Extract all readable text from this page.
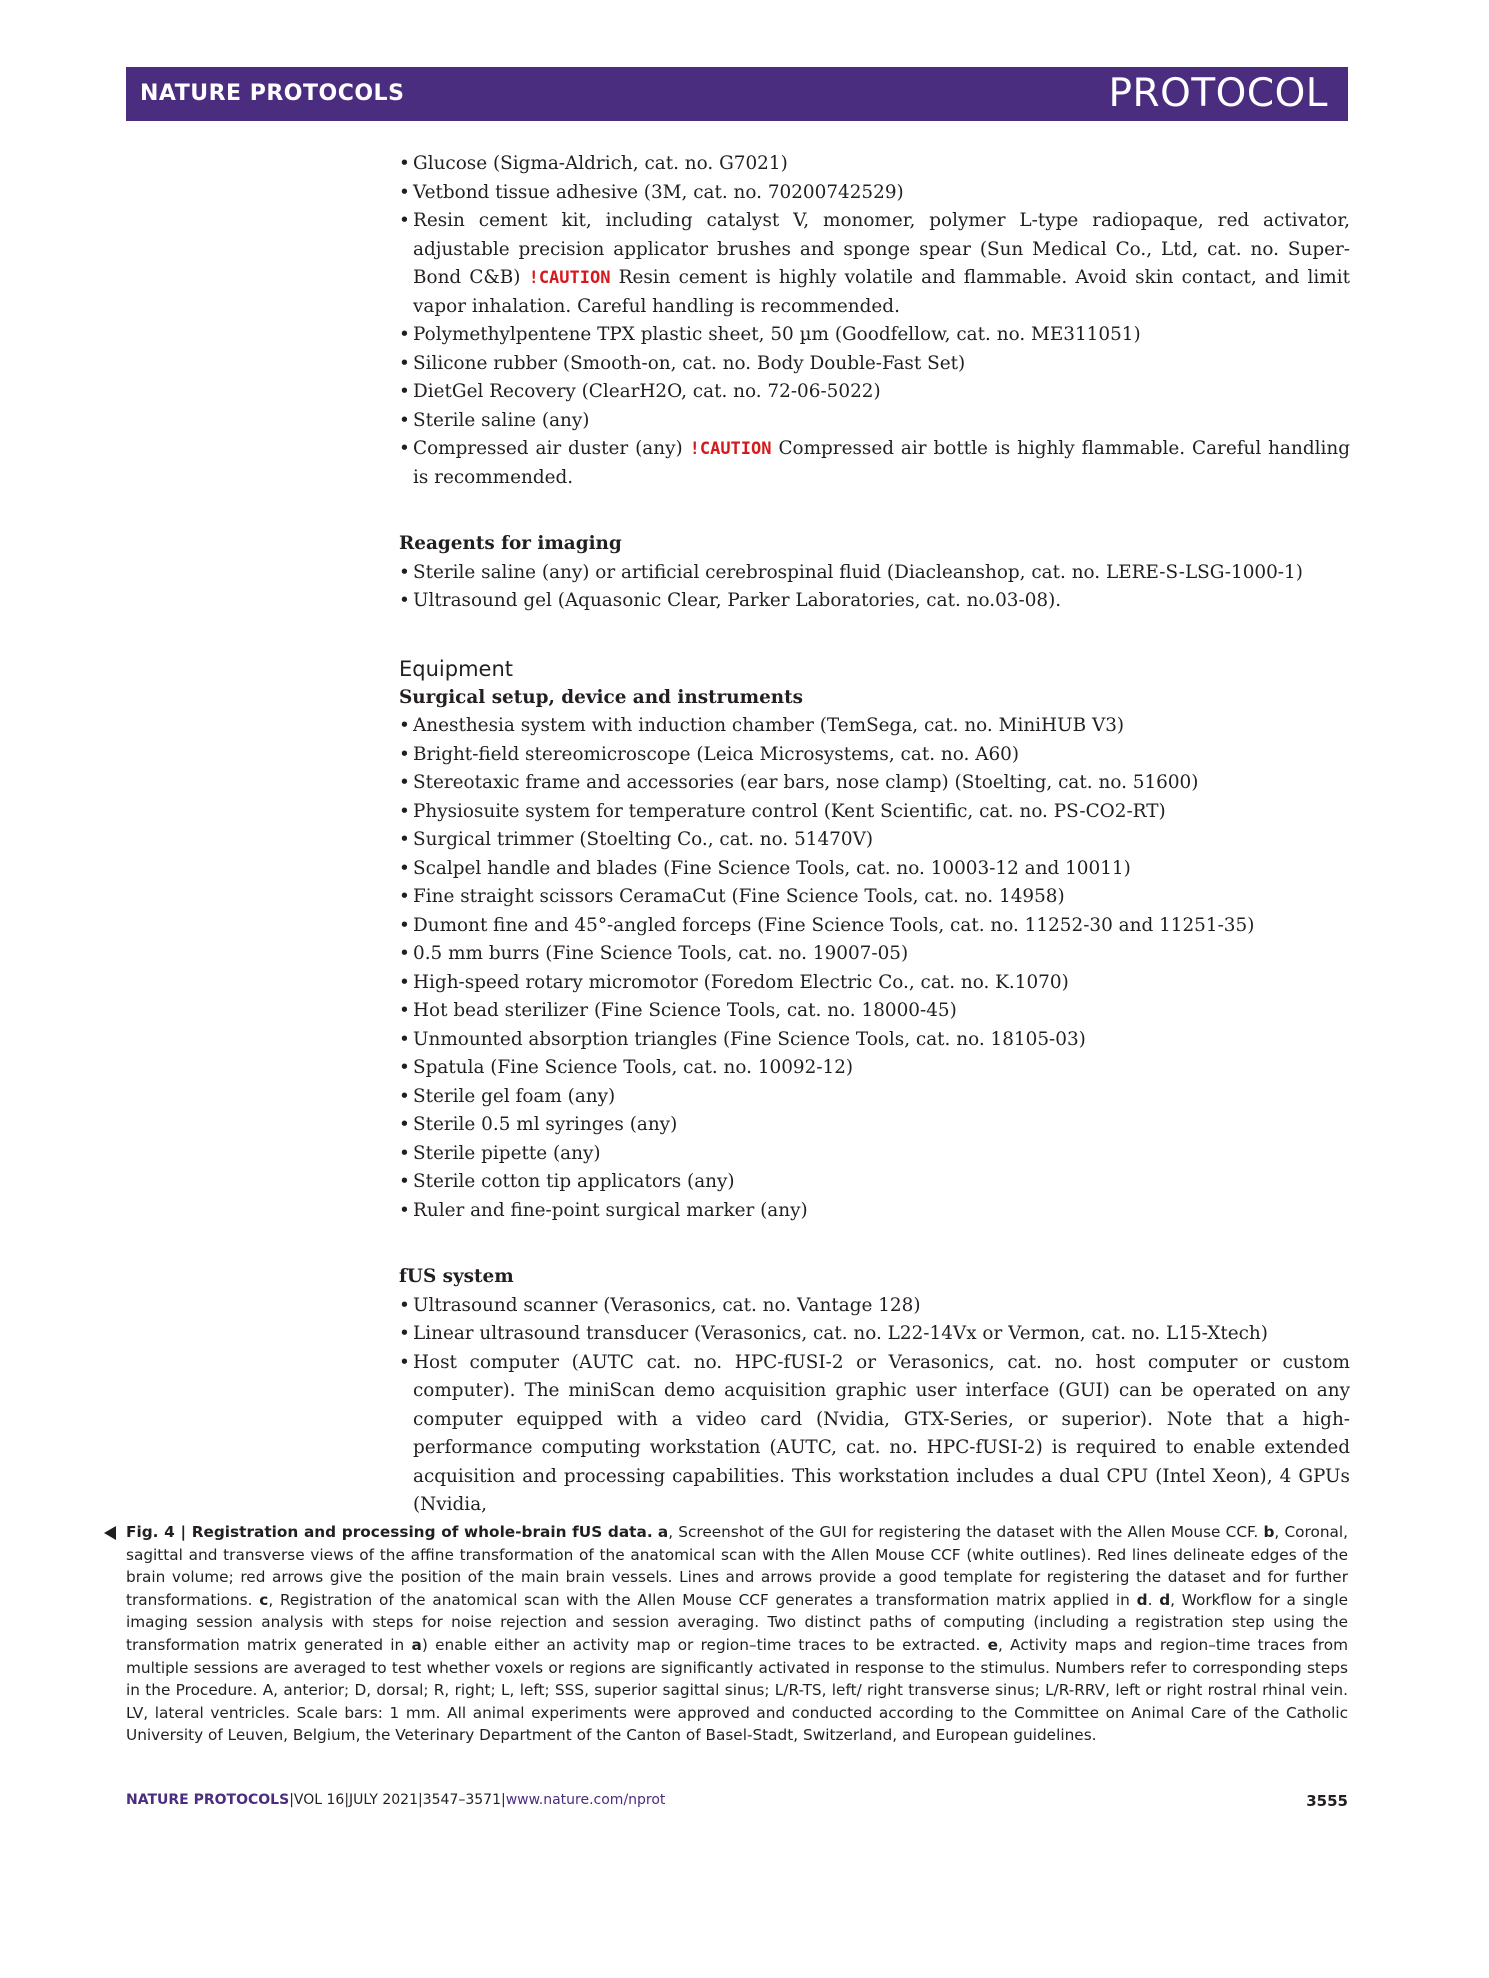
NATURE PROTOCOLS	PROTOCOL
• Glucose (Sigma-Aldrich, cat. no. G7021)
• Vetbond tissue adhesive (3M, cat. no. 70200742529)
• Resin cement kit, including catalyst V, monomer, polymer L-type radiopaque, red activator, adjustable precision applicator brushes and sponge spear (Sun Medical Co., Ltd, cat. no. Super-Bond C&B) !CAUTION Resin cement is highly volatile and flammable. Avoid skin contact, and limit vapor inhalation. Careful handling is recommended.
• Polymethylpentene TPX plastic sheet, 50 µm (Goodfellow, cat. no. ME311051)
• Silicone rubber (Smooth-on, cat. no. Body Double-Fast Set)
• DietGel Recovery (ClearH2O, cat. no. 72-06-5022)
• Sterile saline (any)
• Compressed air duster (any) !CAUTION Compressed air bottle is highly flammable. Careful handling is recommended.

Reagents for imaging

• Sterile saline (any) or artificial cerebrospinal fluid (Diacleanshop, cat. no. LERE-S-LSG-1000-1)
• Ultrasound gel (Aquasonic Clear, Parker Laboratories, cat. no.03-08).

Equipment

Surgical setup, device and instruments

• Anesthesia system with induction chamber (TemSega, cat. no. MiniHUB V3)
• Bright-field stereomicroscope (Leica Microsystems, cat. no. A60)
• Stereotaxic frame and accessories (ear bars, nose clamp) (Stoelting, cat. no. 51600)
• Physiosuite system for temperature control (Kent Scientific, cat. no. PS-CO2-RT)
• Surgical trimmer (Stoelting Co., cat. no. 51470V)
• Scalpel handle and blades (Fine Science Tools, cat. no. 10003-12 and 10011)
• Fine straight scissors CeramaCut (Fine Science Tools, cat. no. 14958)
• Dumont fine and 45°-angled forceps (Fine Science Tools, cat. no. 11252-30 and 11251-35)
• 0.5 mm burrs (Fine Science Tools, cat. no. 19007-05)
• High-speed rotary micromotor (Foredom Electric Co., cat. no. K.1070)
• Hot bead sterilizer (Fine Science Tools, cat. no. 18000-45)
• Unmounted absorption triangles (Fine Science Tools, cat. no. 18105-03)
• Spatula (Fine Science Tools, cat. no. 10092-12)
• Sterile gel foam (any)
• Sterile 0.5 ml syringes (any)
• Sterile pipette (any)
• Sterile cotton tip applicators (any)
• Ruler and fine-point surgical marker (any)

fUS system

• Ultrasound scanner (Verasonics, cat. no. Vantage 128)
• Linear ultrasound transducer (Verasonics, cat. no. L22-14Vx or Vermon, cat. no. L15-Xtech)
• Host computer (AUTC cat. no. HPC-fUSI-2 or Verasonics, cat. no. host computer or custom computer). The miniScan demo acquisition graphic user interface (GUI) can be operated on any computer equipped with a video card (Nvidia, GTX-Series, or superior). Note that a high-performance computing workstation (AUTC, cat. no. HPC-fUSI-2) is required to enable extended acquisition and processing capabilities. This workstation includes a dual CPU (Intel Xeon), 4 GPUs (Nvidia,
Fig. 4 | Registration and processing of whole-brain fUS data. a, Screenshot of the GUI for registering the dataset with the Allen Mouse CCF. b, Coronal, sagittal and transverse views of the affine transformation of the anatomical scan with the Allen Mouse CCF (white outlines). Red lines delineate edges of the brain volume; red arrows give the position of the main brain vessels. Lines and arrows provide a good template for registering the dataset and for further transformations. c, Registration of the anatomical scan with the Allen Mouse CCF generates a transformation matrix applied in d. d, Workflow for a single imaging session analysis with steps for noise rejection and session averaging. Two distinct paths of computing (including a registration step using the transformation matrix generated in a) enable either an activity map or region–time traces to be extracted. e, Activity maps and region–time traces from multiple sessions are averaged to test whether voxels or regions are significantly activated in response to the stimulus. Numbers refer to corresponding steps in the Procedure. A, anterior; D, dorsal; R, right; L, left; SSS, superior sagittal sinus; L/R-TS, left/ right transverse sinus; L/R-RRV, left or right rostral rhinal vein. LV, lateral ventricles. Scale bars: 1 mm. All animal experiments were approved and conducted according to the Committee on Animal Care of the Catholic University of Leuven, Belgium, the Veterinary Department of the Canton of Basel-Stadt, Switzerland, and European guidelines.
NATURE PROTOCOLS|VOL 16|JULY 2021|3547–3571|www.nature.com/nprot	3555
